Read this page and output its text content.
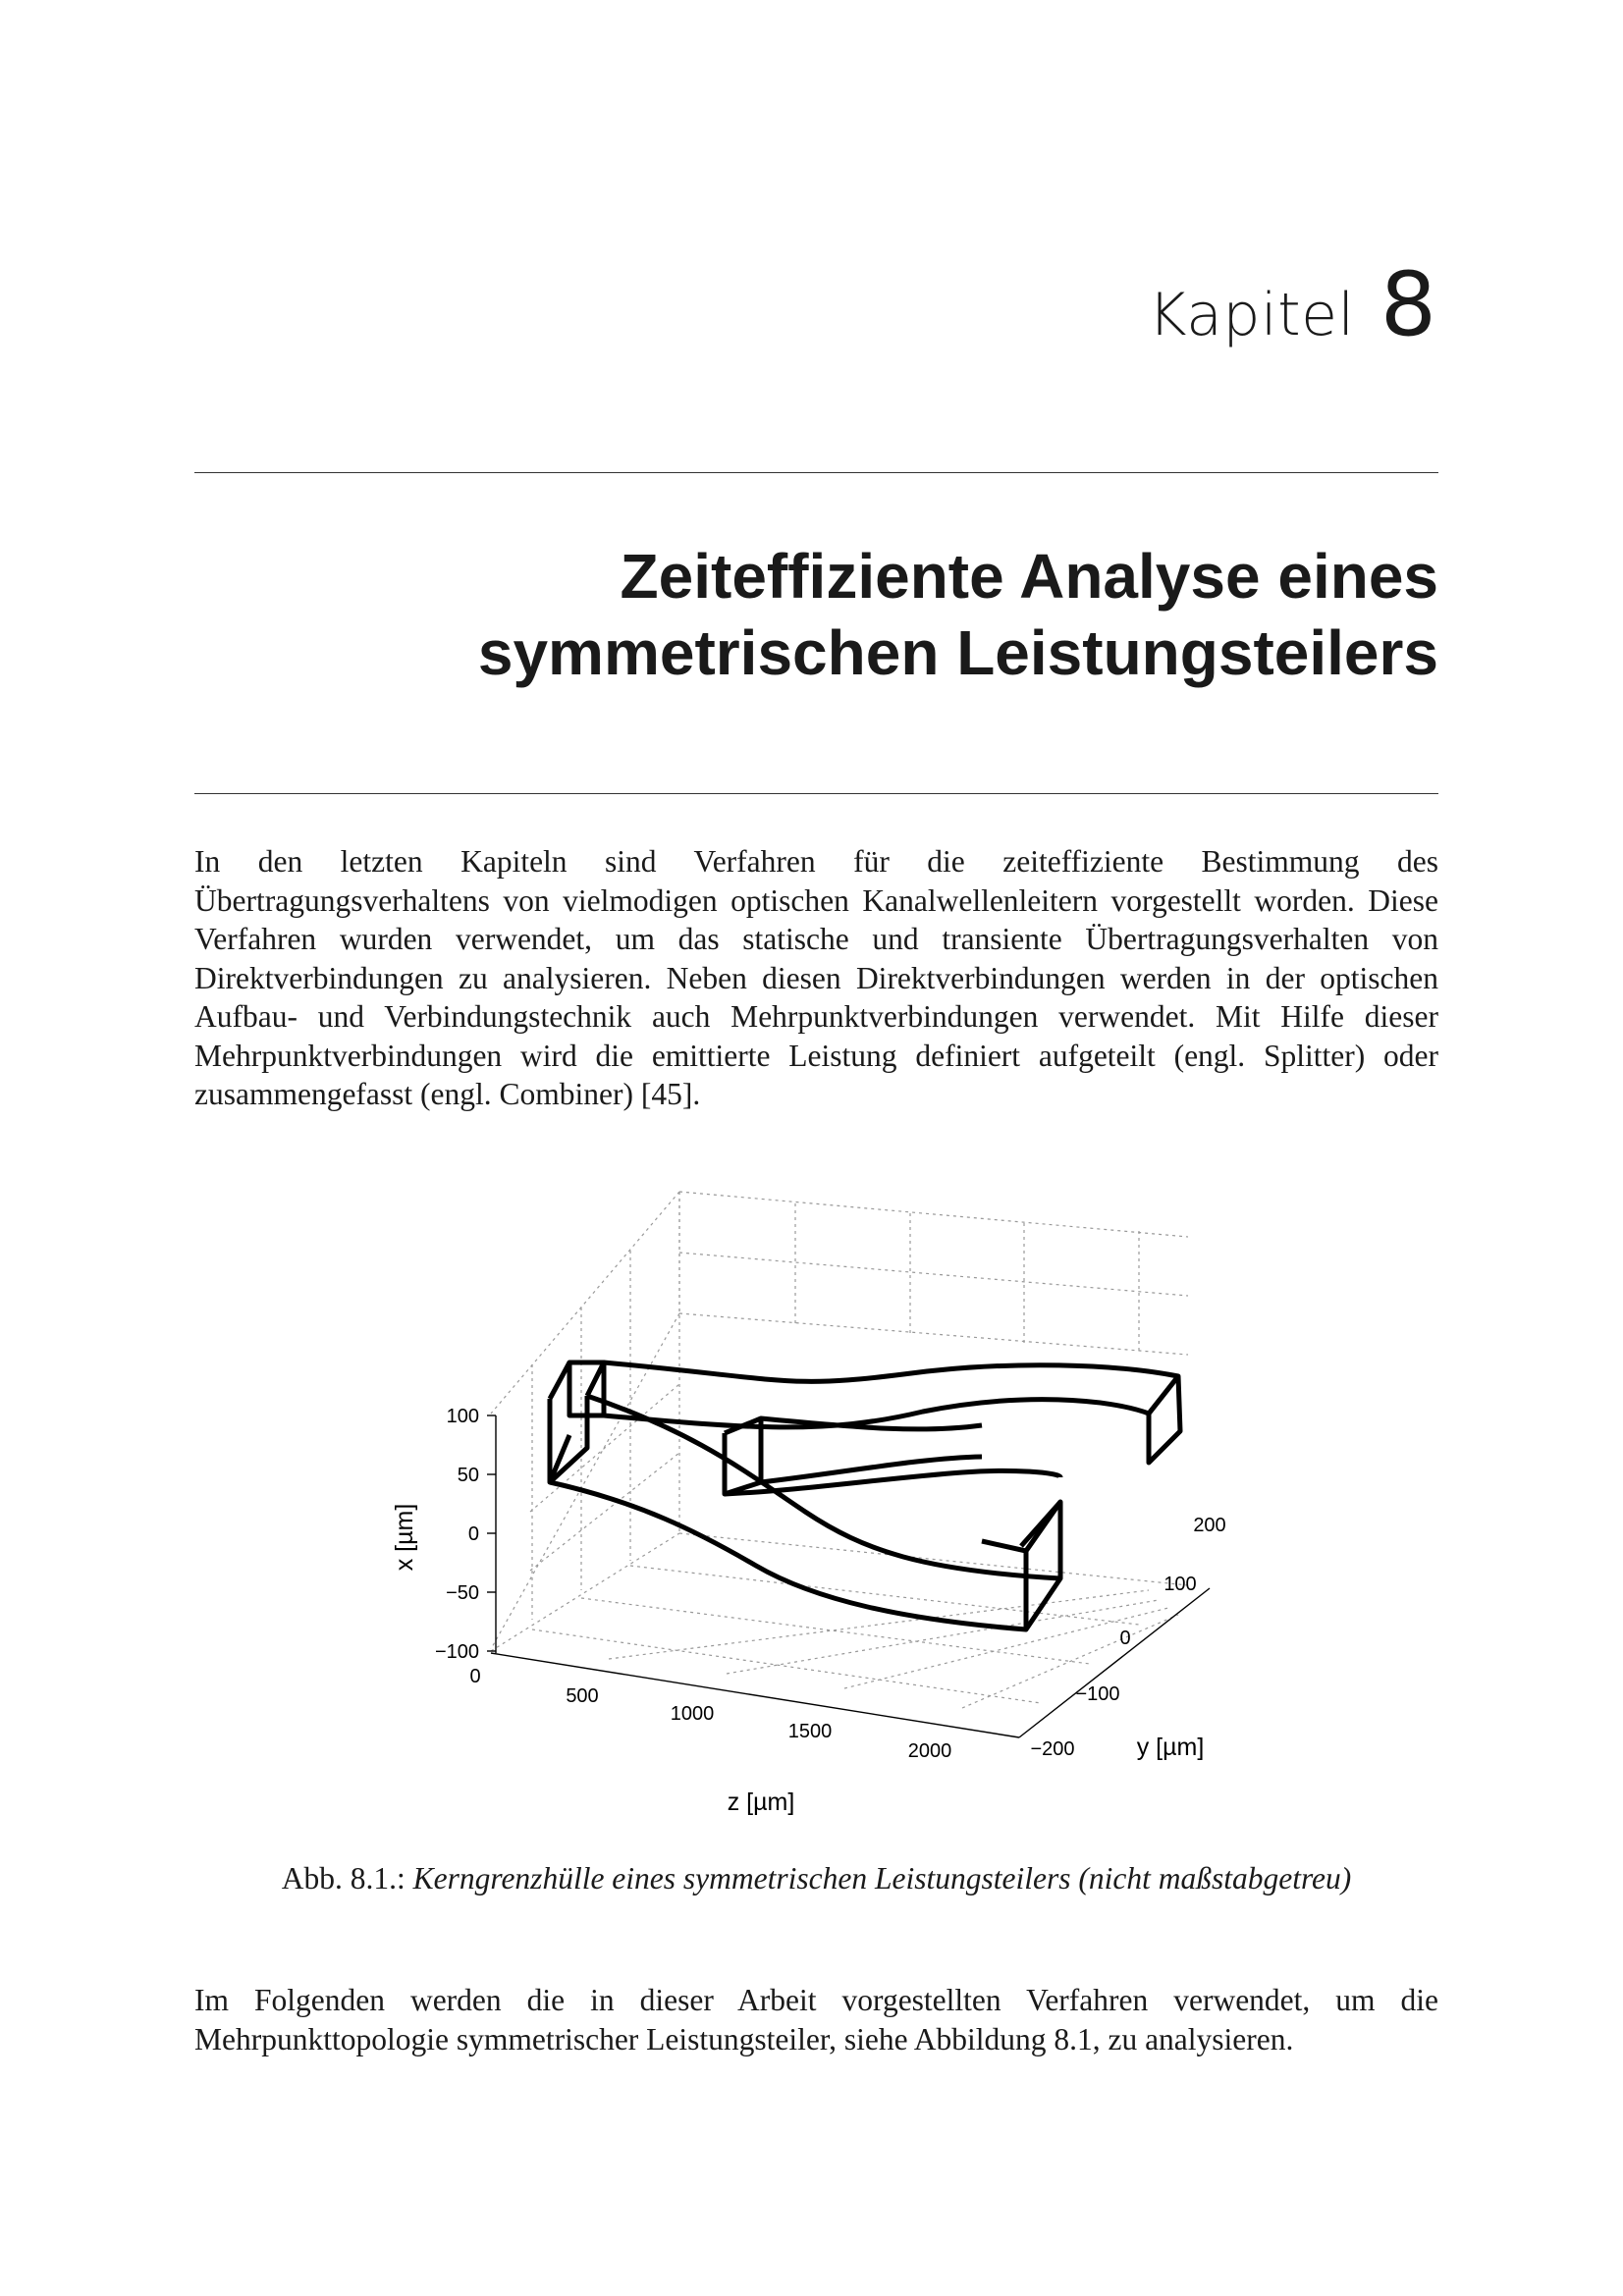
Kapitel 8
Zeiteffiziente Analyse eines
symmetrischen Leistungsteilers

In den letzten Kapiteln sind Verfahren für die zeiteffiziente Bestimmung des Übertragungsverhaltens von vielmodigen optischen Kanalwellenleitern vorgestellt worden. Diese Verfahren wurden verwendet, um das statische und transiente Übertragungsverhalten von Direktverbindungen zu analysieren. Neben diesen Direktverbindungen werden in der optischen Aufbau- und Verbindungstechnik auch Mehrpunktverbindungen verwendet. Mit Hilfe dieser Mehrpunktverbindungen wird die emittierte Leistung definiert aufgeteilt (engl. Splitter) oder zusammengefasst (engl. Combiner) [45].

100
50
0
−50
−100
x [µm]
0
500
1000
1500
2000
z [µm]
200
100
0
−100
−200	y [µm]
Abb. 8.1.: Kerngrenzhülle eines symmetrischen Leistungsteilers (nicht maßstabgetreu)

Im Folgenden werden die in dieser Arbeit vorgestellten Verfahren verwendet, um die Mehrpunkttopologie symmetrischer Leistungsteiler, siehe Abbildung 8.1, zu analysieren.
